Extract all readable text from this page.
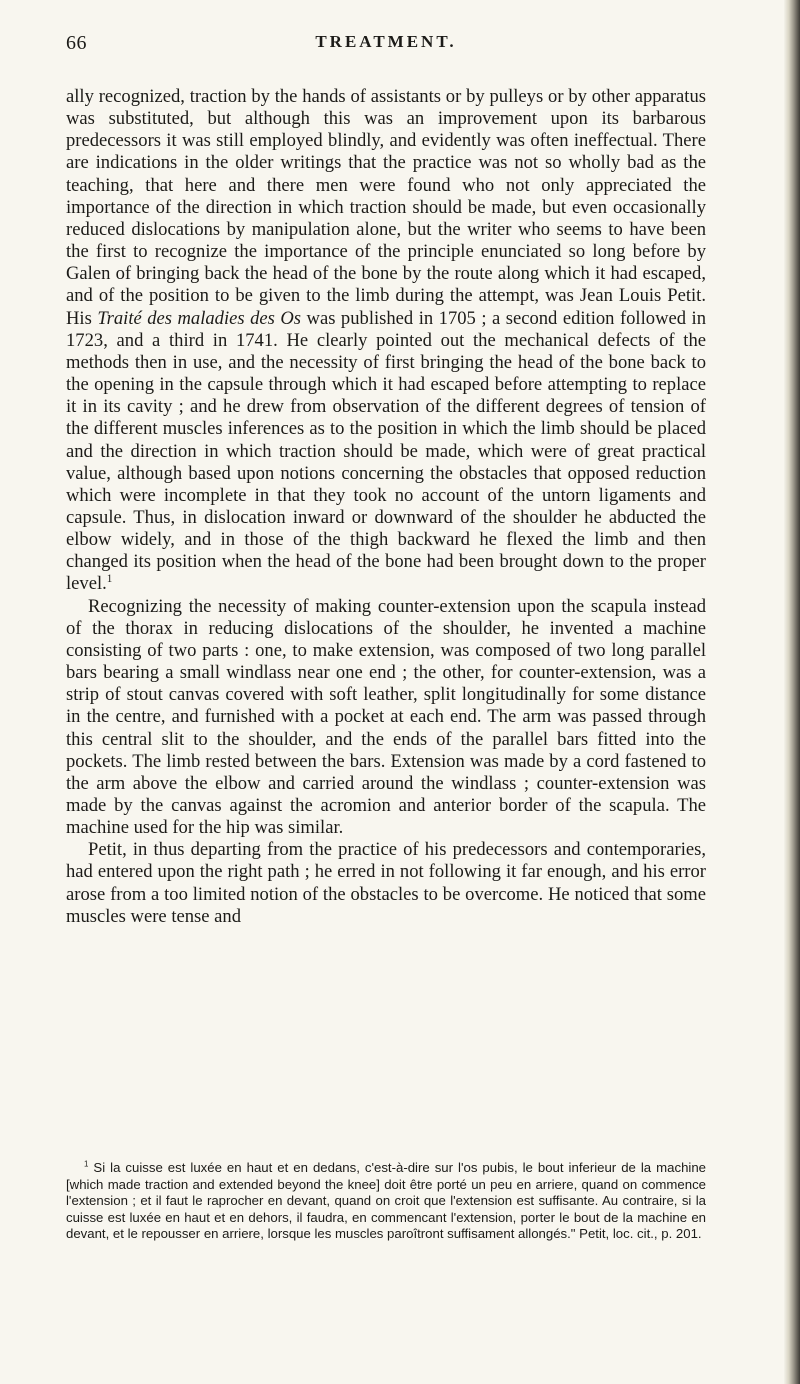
66	TREATMENT.

ally recognized, traction by the hands of assistants or by pulleys or by other apparatus was substituted, but although this was an improvement upon its barbarous predecessors it was still employed blindly, and evidently was often ineffectual. There are indications in the older writings that the practice was not so wholly bad as the teaching, that here and there men were found who not only appreciated the importance of the direction in which traction should be made, but even occasionally reduced dislocations by manipulation alone, but the writer who seems to have been the first to recognize the importance of the principle enunciated so long before by Galen of bringing back the head of the bone by the route along which it had escaped, and of the position to be given to the limb during the attempt, was Jean Louis Petit. His Traité des maladies des Os was published in 1705 ; a second edition followed in 1723, and a third in 1741. He clearly pointed out the mechanical defects of the methods then in use, and the necessity of first bringing the head of the bone back to the opening in the capsule through which it had escaped before attempting to replace it in its cavity ; and he drew from observation of the different degrees of tension of the different muscles inferences as to the position in which the limb should be placed and the direction in which traction should be made, which were of great practical value, although based upon notions concerning the obstacles that opposed reduction which were incomplete in that they took no account of the untorn ligaments and capsule. Thus, in dislocation inward or downward of the shoulder he abducted the elbow widely, and in those of the thigh backward he flexed the limb and then changed its position when the head of the bone had been brought down to the proper level.$^1$

Recognizing the necessity of making counter-extension upon the scapula instead of the thorax in reducing dislocations of the shoulder, he invented a machine consisting of two parts : one, to make extension, was composed of two long parallel bars bearing a small windlass near one end ; the other, for counter-extension, was a strip of stout canvas covered with soft leather, split longitudinally for some distance in the centre, and furnished with a pocket at each end. The arm was passed through this central slit to the shoulder, and the ends of the parallel bars fitted into the pockets. The limb rested between the bars. Extension was made by a cord fastened to the arm above the elbow and carried around the windlass ; counter-extension was made by the canvas against the acromion and anterior border of the scapula. The machine used for the hip was similar.

Petit, in thus departing from the practice of his predecessors and contemporaries, had entered upon the right path ; he erred in not following it far enough, and his error arose from a too limited notion of the obstacles to be overcome. He noticed that some muscles were tense and

$^1$ Si la cuisse est luxée en haut et en dedans, c'est-à-dire sur l'os pubis, le bout inferieur de la machine [which made traction and extended beyond the knee] doit être porté un peu en arriere, quand on commence l'extension ; et il faut le raprocher en devant, quand on croit que l'extension est suffisante. Au contraire, si la cuisse est luxée en haut et en dehors, il faudra, en commencant l'extension, porter le bout de la machine en devant, et le repousser en arriere, lorsque les muscles paroîtront suffisament allongés." Petit, loc. cit., p. 201.
